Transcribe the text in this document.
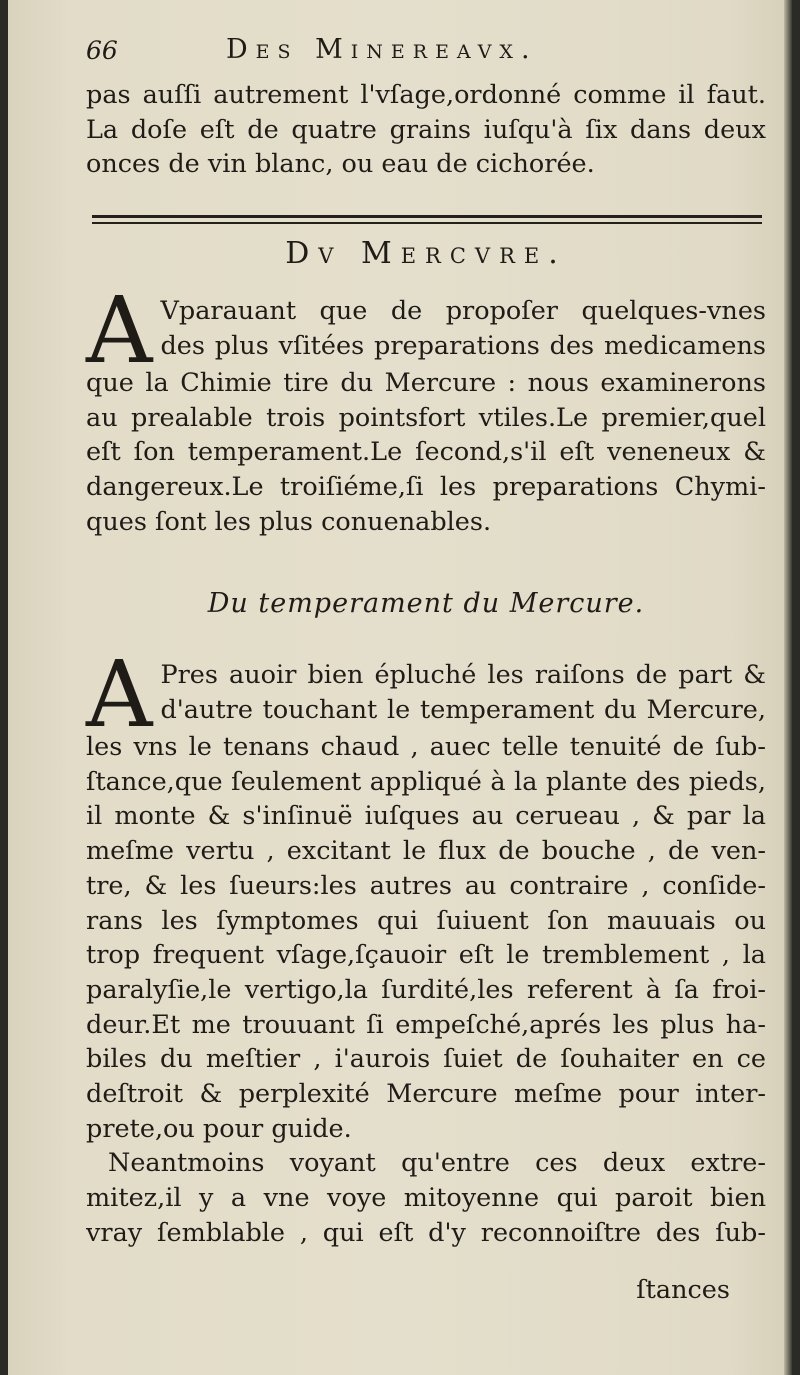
66	Des Minereavx.
pas auſſi autrement l'vſage,ordonné comme il faut.
La doſe eſt de quatre grains iuſqu'à ſix dans deux
onces de vin blanc, ou eau de cichorée.
Dv Mercvre.
A Vparauant que de propoſer quelques-vnes
des plus vſitées preparations des medicamens
que la Chimie tire du Mercure : nous examinerons
au prealable trois pointsfort vtiles.Le premier,quel
eſt ſon temperament.Le ſecond,s'il eſt veneneux &
dangereux.Le troiſiéme,ſi les preparations Chymi-
ques ſont les plus conuenables.
Du temperament du Mercure.
A Pres auoir bien épluché les raiſons de part &
d'autre touchant le temperament du Mercure,
les vns le tenans chaud , auec telle tenuité de ſub-
ſtance,que ſeulement appliqué à la plante des pieds,
il monte & s'inſinuë iuſques au cerueau , & par la
meſme vertu , excitant le flux de bouche , de ven-
tre, & les ſueurs:les autres au contraire , conſide-
rans les ſymptomes qui ſuiuent ſon mauuais ou
trop frequent vſage,ſçauoir eſt le tremblement , la
paralyſie,le vertigo,la ſurdité,les referent à ſa froi-
deur.Et me trouuant ſi empeſché,aprés les plus ha-
biles du meſtier , i'aurois ſuiet de ſouhaiter en ce
deſtroit & perplexité Mercure meſme pour inter-
prete,ou pour guide.
Neantmoins voyant qu'entre ces deux extre-
mitez,il y a vne voye mitoyenne qui paroit bien
vray ſemblable , qui eſt d'y reconnoiſtre des ſub-
ſtances
